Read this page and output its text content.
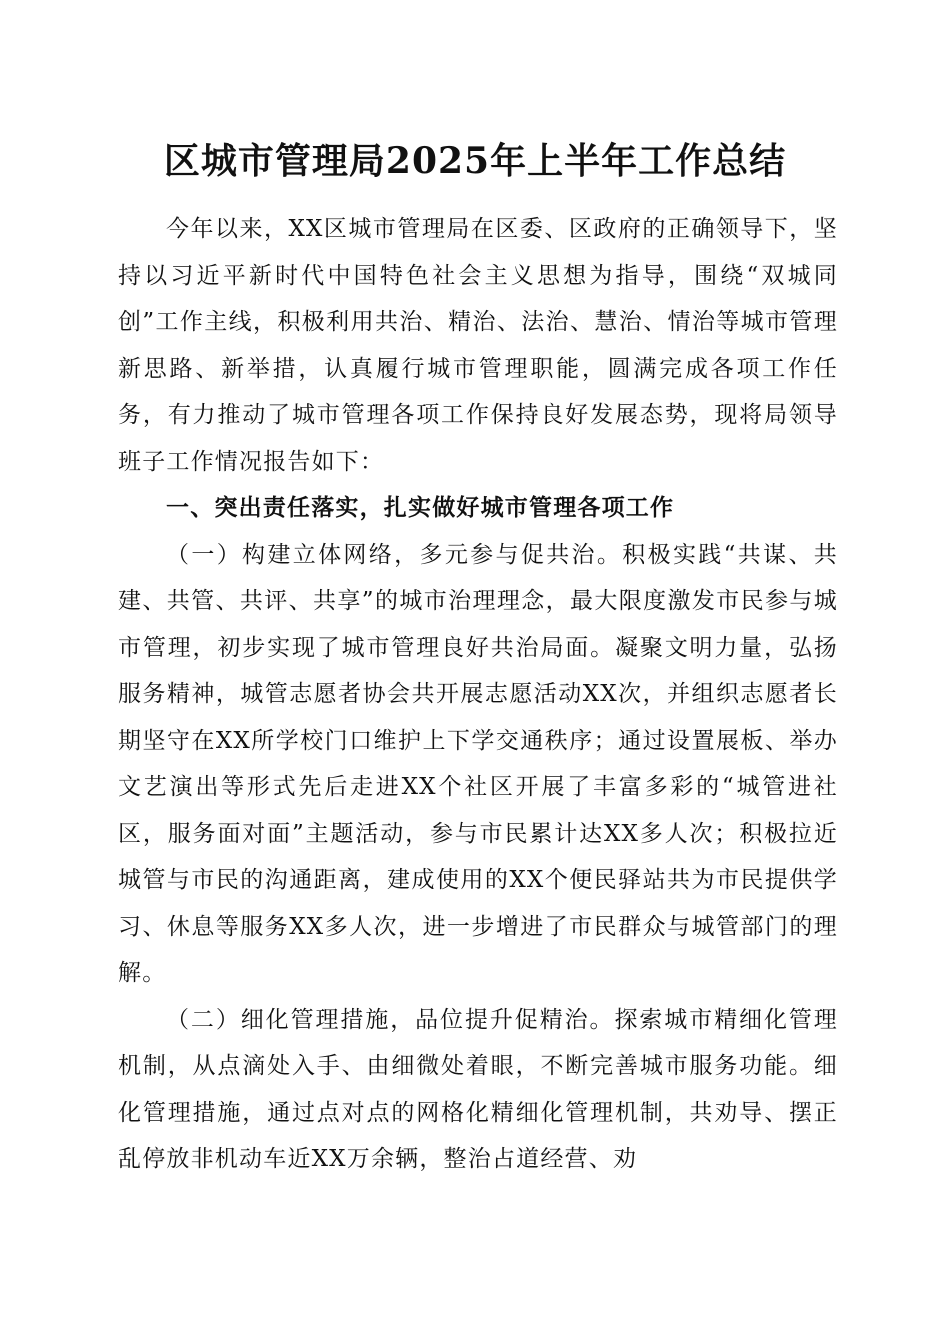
区城市管理局2025年上半年工作总结

今年以来，XX区城市管理局在区委、区政府的正确领导下，坚持以习近平新时代中国特色社会主义思想为指导，围绕“双城同创”工作主线，积极利用共治、精治、法治、慧治、情治等城市管理新思路、新举措，认真履行城市管理职能，圆满完成各项工作任务，有力推动了城市管理各项工作保持良好发展态势，现将局领导班子工作情况报告如下：

一、突出责任落实，扎实做好城市管理各项工作

（一）构建立体网络，多元参与促共治。积极实践“共谋、共建、共管、共评、共享”的城市治理理念，最大限度激发市民参与城市管理，初步实现了城市管理良好共治局面。凝聚文明力量，弘扬服务精神，城管志愿者协会共开展志愿活动XX次，并组织志愿者长期坚守在XX所学校门口维护上下学交通秩序；通过设置展板、举办文艺演出等形式先后走进XX个社区开展了丰富多彩的“城管进社区，服务面对面”主题活动，参与市民累计达XX多人次；积极拉近城管与市民的沟通距离，建成使用的XX个便民驿站共为市民提供学习、休息等服务XX多人次，进一步增进了市民群众与城管部门的理解。

（二）细化管理措施，品位提升促精治。探索城市精细化管理机制，从点滴处入手、由细微处着眼，不断完善城市服务功能。细化管理措施，通过点对点的网格化精细化管理机制，共劝导、摆正乱停放非机动车近XX万余辆，整治占道经营、劝
